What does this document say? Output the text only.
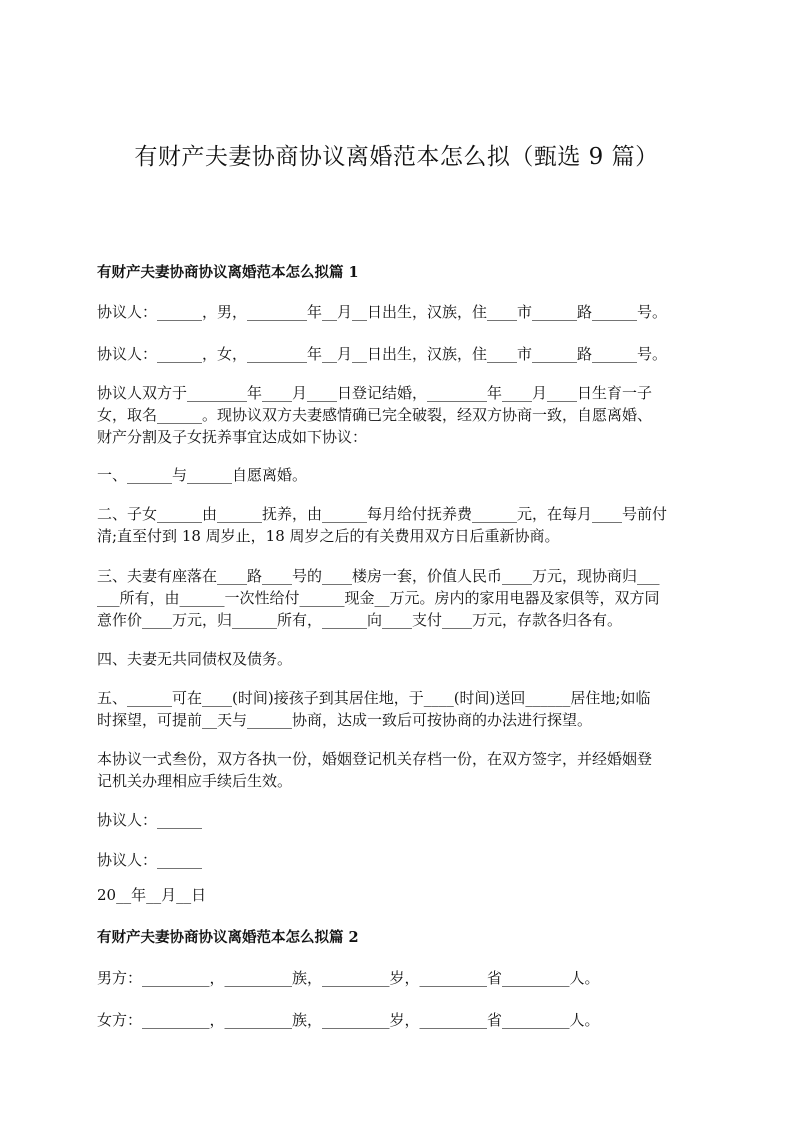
有财产夫妻协商协议离婚范本怎么拟（甄选 9 篇）
有财产夫妻协商协议离婚范本怎么拟篇 1
协议人：______，男，________年__月__日出生，汉族，住____市______路______号。
协议人：______，女，________年__月__日出生，汉族，住____市______路______号。
协议人双方于________年____月____日登记结婚，________年____月____日生育一子
女，取名______。现协议双方夫妻感情确已完全破裂，经双方协商一致，自愿离婚、
财产分割及子女抚养事宜达成如下协议：
一、______与______自愿离婚。
二、子女______由______抚养，由______每月给付抚养费______元，在每月____号前付
清;直至付到 18 周岁止，18 周岁之后的有关费用双方日后重新协商。
三、夫妻有座落在____路____号的____楼房一套，价值人民币____万元，现协商归___
___所有，由______一次性给付______现金__万元。房内的家用电器及家俱等，双方同
意作价____万元，归______所有，______向____支付____万元，存款各归各有。
四、夫妻无共同债权及债务。
五、______可在____(时间)接孩子到其居住地，于____(时间)送回______居住地;如临
时探望，可提前__天与______协商，达成一致后可按协商的办法进行探望。
本协议一式叁份，双方各执一份，婚姻登记机关存档一份，在双方签字，并经婚姻登
记机关办理相应手续后生效。
协议人：______
协议人：______
20__年__月__日
有财产夫妻协商协议离婚范本怎么拟篇 2
男方：_________，_________族，_________岁，_________省_________人。
女方：_________，_________族，_________岁，_________省_________人。
